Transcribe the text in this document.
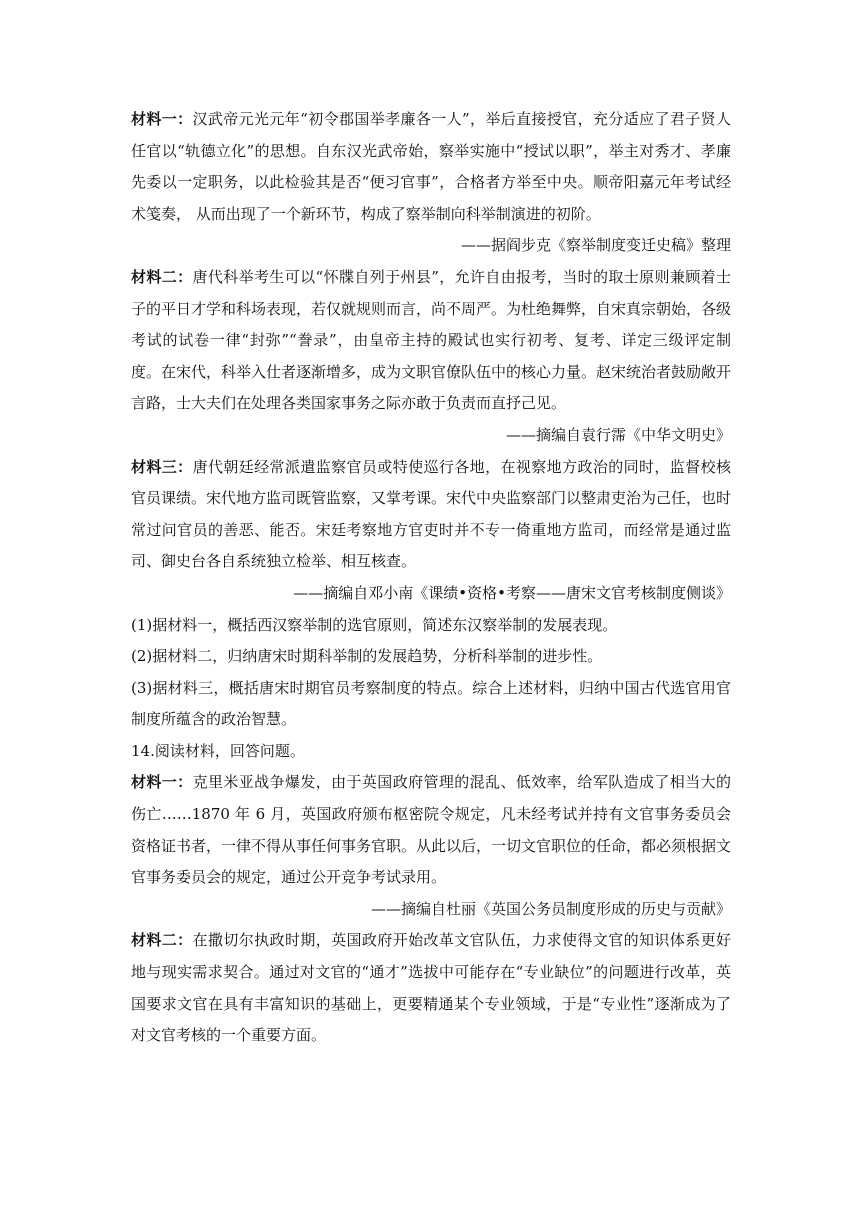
材料一：汉武帝元光元年“初令郡国举孝廉各一人”，举后直接授官，充分适应了君子贤人任官以“轨德立化”的思想。自东汉光武帝始，察举实施中“授试以职”，举主对秀才、孝廉先委以一定职务，以此检验其是否“便习官事”，合格者方举至中央。顺帝阳嘉元年考试经术笺奏， 从而出现了一个新环节，构成了察举制向科举制演进的初阶。

——据阎步克《察举制度变迁史稿》整理

材料二：唐代科举考生可以“怀牒自列于州县”，允许自由报考，当时的取士原则兼顾着士子的平日才学和科场表现，若仅就规则而言，尚不周严。为杜绝舞弊，自宋真宗朝始，各级考试的试卷一律“封弥”“誊录”，由皇帝主持的殿试也实行初考、复考、详定三级评定制度。在宋代，科举入仕者逐渐增多，成为文职官僚队伍中的核心力量。赵宋统治者鼓励敞开言路，士大夫们在处理各类国家事务之际亦敢于负责而直抒己见。

——摘编自袁行霈《中华文明史》

材料三：唐代朝廷经常派遣监察官员或特使巡行各地，在视察地方政治的同时，监督校核官员课绩。宋代地方监司既管监察，又掌考课。宋代中央监察部门以整肃吏治为己任，也时常过问官员的善恶、能否。宋廷考察地方官吏时并不专一倚重地方监司，而经常是通过监司、御史台各自系统独立检举、相互核查。

——摘编自邓小南《课绩•资格•考察——唐宋文官考核制度侧谈》

(1)据材料一，概括西汉察举制的选官原则，简述东汉察举制的发展表现。

(2)据材料二，归纳唐宋时期科举制的发展趋势，分析科举制的进步性。

(3)据材料三，概括唐宋时期官员考察制度的特点。综合上述材料，归纳中国古代选官用官制度所蕴含的政治智慧。

14.阅读材料，回答问题。

材料一：克里米亚战争爆发，由于英国政府管理的混乱、低效率，给军队造成了相当大的伤亡……1870 年 6 月，英国政府颁布枢密院令规定，凡未经考试并持有文官事务委员会资格证书者，一律不得从事任何事务官职。从此以后，一切文官职位的任命，都必须根据文官事务委员会的规定，通过公开竞争考试录用。

——摘编自杜丽《英国公务员制度形成的历史与贡献》

材料二：在撒切尔执政时期，英国政府开始改革文官队伍，力求使得文官的知识体系更好地与现实需求契合。通过对文官的“通才”选拔中可能存在“专业缺位”的问题进行改革，英国要求文官在具有丰富知识的基础上，更要精通某个专业领域，于是“专业性”逐渐成为了对文官考核的一个重要方面。
